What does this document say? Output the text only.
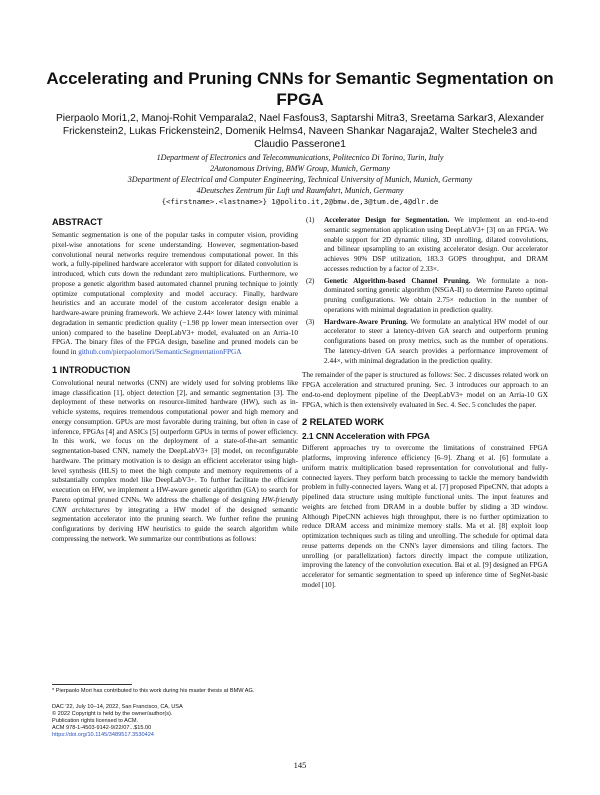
Accelerating and Pruning CNNs for Semantic Segmentation on FPGA
Pierpaolo Mori1,2, Manoj-Rohit Vemparala2, Nael Fasfous3, Saptarshi Mitra3, Sreetama Sarkar3, Alexander
Frickenstein2, Lukas Frickenstein2, Domenik Helms4, Naveen Shankar Nagaraja2, Walter Stechele3 and
Claudio Passerone1
1Department of Electronics and Telecommunications, Politecnico Di Torino, Turin, Italy
2Autonomous Driving, BMW Group, Munich, Germany
3Department of Electrical and Computer Engineering, Technical University of Munich, Munich, Germany
4Deutsches Zentrum für Luft und Raumfahrt, Munich, Germany
{<firstname>.<lastname>} 1@polito.it,2@bmw.de,3@tum.de,4@dlr.de
ABSTRACT

Semantic segmentation is one of the popular tasks in computer vision, providing pixel-wise annotations for scene understanding. However, segmentation-based convolutional neural networks require tremendous computational power. In this work, a fully-pipelined hardware accelerator with support for dilated convolution is introduced, which cuts down the redundant zero multiplications. Furthermore, we propose a genetic algorithm based automated channel pruning technique to jointly optimize computational complexity and model accuracy. Finally, hardware heuristics and an accurate model of the custom accelerator design enable a hardware-aware pruning framework. We achieve 2.44× lower latency with minimal degradation in semantic prediction quality (−1.98 pp lower mean intersection over union) compared to the baseline DeepLabV3+ model, evaluated on an Arria-10 FPGA. The binary files of the FPGA design, baseline and pruned models can be found in github.com/pierpaolomori/SemanticSegmentationFPGA

1 INTRODUCTION

Convolutional neural networks (CNN) are widely used for solving problems like image classification [1], object detection [2], and semantic segmentation [3]. The deployment of these networks on resource-limited hardware (HW), such as in-vehicle systems, requires tremendous computational power and high memory and energy consumption. GPUs are most favorable during training, but often in case of inference, FPGAs [4] and ASICs [5] outperform GPUs in terms of power efficiency. In this work, we focus on the deployment of a state-of-the-art semantic segmentation-based CNN, namely the DeepLabV3+ [3] model, on reconfigurable hardware. The primary motivation is to design an efficient accelerator using high-level synthesis (HLS) to meet the high compute and memory requirements of a substantially complex model like DeepLabV3+. To further facilitate the efficient execution on HW, we implement a HW-aware genetic algorithm (GA) to search for Pareto optimal pruned CNNs. We address the challenge of designing HW-friendly CNN architectures by integrating a HW model of the designed semantic segmentation accelerator into the pruning search. We further refine the pruning configurations by deriving HW heuristics to guide the search algorithm while compressing the network. We summarize our contributions as follows:

* Pierpaolo Mori has contributed to this work during his master thesis at BMW AG.
DAC '22, July 10–14, 2022, San Francisco, CA, USA
© 2022 Copyright is held by the owner/author(s).
Publication rights licensed to ACM.
ACM 978-1-4503-9142-9/22/07...$15.00
https://doi.org/10.1145/3489517.3530424
(1) Accelerator Design for Segmentation. We implement an end-to-end semantic segmentation application using DeepLabV3+ [3] on an FPGA. We enable support for 2D dynamic tiling, 3D unrolling, dilated convolutions, and bilinear upsampling to an existing accelerator design. Our accelerator achieves 90% DSP utilization, 183.3 GOPS throughput, and DRAM accesses reduction by a factor of 2.33×.
(2) Genetic Algorithm-based Channel Pruning. We formulate a non-dominated sorting genetic algorithm (NSGA-II) to determine Pareto optimal pruning configurations. We obtain 2.75× reduction in the number of operations with minimal degradation in prediction quality.
(3) Hardware-Aware Pruning. We formulate an analytical HW model of our accelerator to steer a latency-driven GA search and outperform pruning configurations based on proxy metrics, such as the number of operations. The latency-driven GA search provides a performance improvement of 2.44×, with minimal degradation in the prediction quality.

The remainder of the paper is structured as follows: Sec. 2 discusses related work on FPGA acceleration and structured pruning. Sec. 3 introduces our approach to an end-to-end deployment pipeline of the DeepLabV3+ model on an Arria-10 GX FPGA, which is then extensively evaluated in Sec. 4. Sec. 5 concludes the paper.

2 RELATED WORK
2.1 CNN Acceleration with FPGA

Different approaches try to overcome the limitations of constrained FPGA platforms, improving inference efficiency [6–9]. Zhang et al. [6] formulate a uniform matrix multiplication based representation for convolutional and fully-connected layers. They perform batch processing to tackle the memory bandwidth problem in fully-connected layers. Wang et al. [7] proposed PipeCNN, that adopts a pipelined data structure using multiple functional units. The input features and weights are fetched from DRAM in a double buffer by sliding a 3D window. Although PipeCNN achieves high throughput, there is no further optimization to reduce DRAM access and minimize memory stalls. Ma et al. [8] exploit loop optimization techniques such as tiling and unrolling. The schedule for optimal data reuse patterns depends on the CNN's layer dimensions and tiling factors. The unrolling (or parallelization) factors directly impact the compute utilization, improving the latency of the convolution execution. Bai et al. [9] designed an FPGA accelerator for semantic segmentation to speed up inference time of SegNet-basic model [10].

145
